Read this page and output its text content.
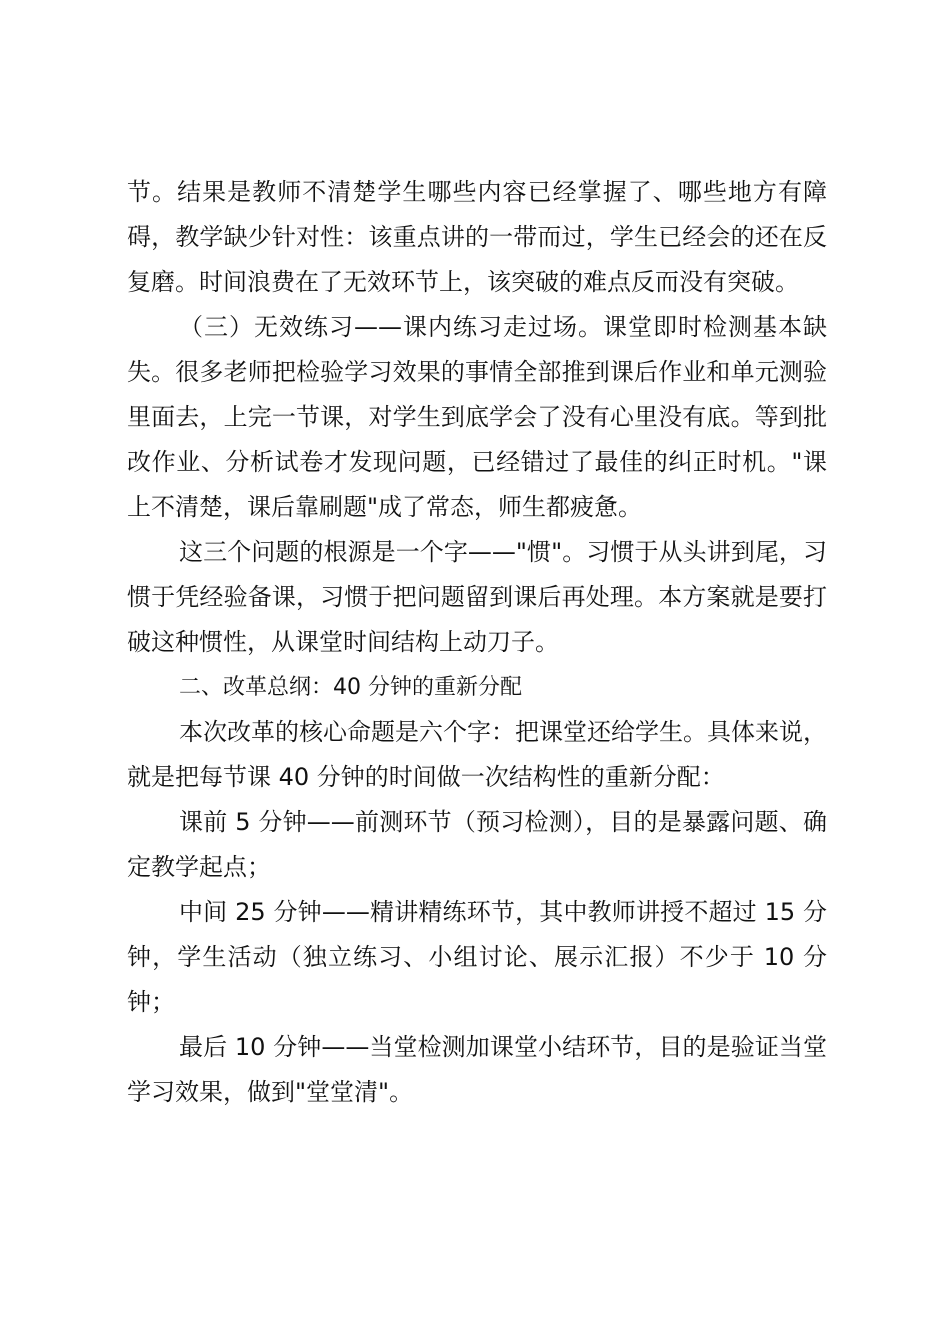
节。结果是教师不清楚学生哪些内容已经掌握了、哪些地方有障碍，教学缺少针对性：该重点讲的一带而过，学生已经会的还在反复磨。时间浪费在了无效环节上，该突破的难点反而没有突破。

（三）无效练习——课内练习走过场。课堂即时检测基本缺失。很多老师把检验学习效果的事情全部推到课后作业和单元测验里面去，上完一节课，对学生到底学会了没有心里没有底。等到批改作业、分析试卷才发现问题，已经错过了最佳的纠正时机。"课上不清楚，课后靠刷题"成了常态，师生都疲惫。

这三个问题的根源是一个字——"惯"。习惯于从头讲到尾，习惯于凭经验备课，习惯于把问题留到课后再处理。本方案就是要打破这种惯性，从课堂时间结构上动刀子。

二、改革总纲：40 分钟的重新分配

本次改革的核心命题是六个字：把课堂还给学生。具体来说，就是把每节课 40 分钟的时间做一次结构性的重新分配：

课前 5 分钟——前测环节（预习检测），目的是暴露问题、确定教学起点；

中间 25 分钟——精讲精练环节，其中教师讲授不超过 15 分钟，学生活动（独立练习、小组讨论、展示汇报）不少于 10 分钟；

最后 10 分钟——当堂检测加课堂小结环节，目的是验证当堂学习效果，做到"堂堂清"。
